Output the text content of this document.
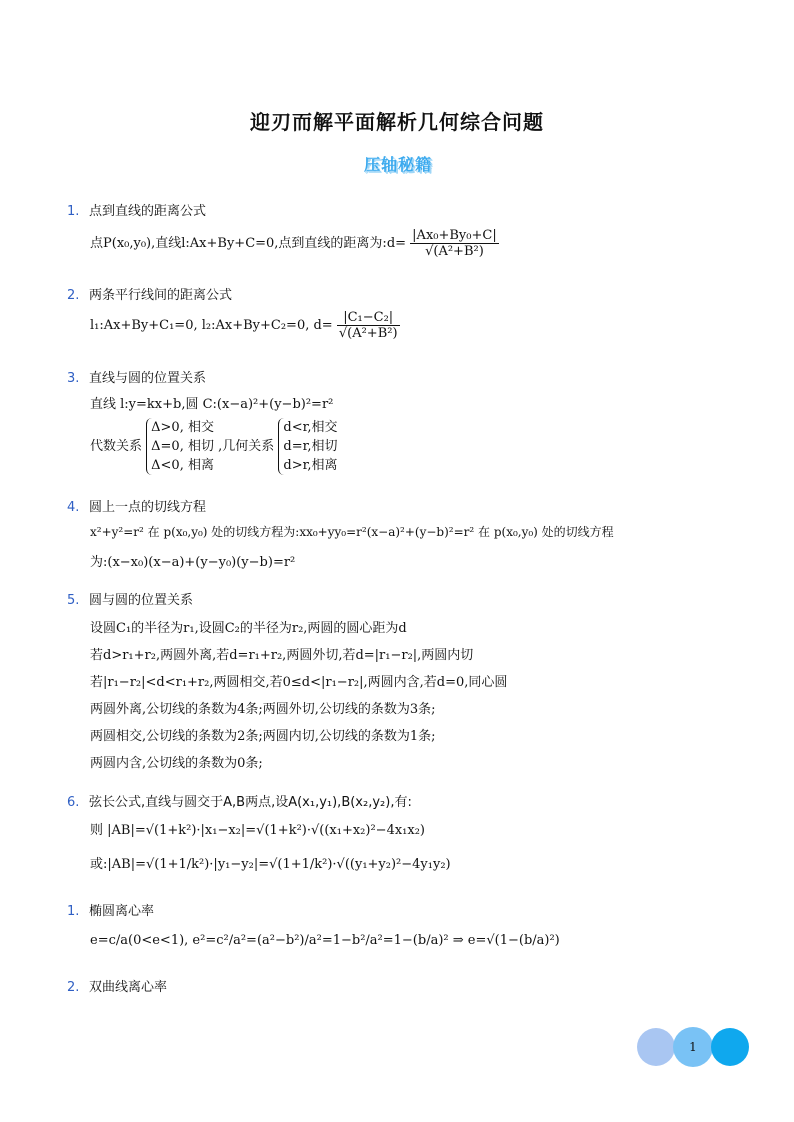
迎刃而解平面解析几何综合问题
压轴秘籍
1. 点到直线的距离公式
点P(x₀,y₀),直线l:Ax+By+C=0,点到直线的距离为:d= $\frac{\text{|Ax₀+By₀+C|}}{\text{√(A²+B²)}}$
2. 两条平行线间的距离公式
l₁:Ax+By+C₁=0, l₂:Ax+By+C₂=0, $d= \frac{\text{|C₁−C₂|}}{\text{√(A²+B²)}}$
3. 直线与圆的位置关系
直线 l:y=kx+b,圆 C:(x−a)²+(y−b)²=r²
代数关系
Δ>0, 相交
Δ=0, 相切
Δ<0, 相离
,几何关系
d<r,相交
d=r,相切
d>r,相离
4. 圆上一点的切线方程
x²+y²=r² 在 p(x₀,y₀) 处的切线方程为:xx₀+yy₀=r²(x−a)²+(y−b)²=r² 在 p(x₀,y₀) 处的切线方程
为:(x−x₀)(x−a)+(y−y₀)(y−b)=r²
5. 圆与圆的位置关系
设圆C₁的半径为r₁,设圆C₂的半径为r₂,两圆的圆心距为d
若d>r₁+r₂,两圆外离,若d=r₁+r₂,两圆外切,若d=|r₁−r₂|,两圆内切
若|r₁−r₂|<d<r₁+r₂,两圆相交,若0≤d<|r₁−r₂|,两圆内含,若d=0,同心圆
两圆外离,公切线的条数为4条;两圆外切,公切线的条数为3条;
两圆相交,公切线的条数为2条;两圆内切,公切线的条数为1条;
两圆内含,公切线的条数为0条;
6. 弦长公式,直线与圆交于A,B两点,设A(x₁,y₁),B(x₂,y₂),有:
则 |AB|=√(1+k²)·|x₁−x₂|=√(1+k²)·√((x₁+x₂)²−4x₁x₂)
或:|AB|=√(1+1/k²)·|y₁−y₂|=√(1+1/k²)·√((y₁+y₂)²−4y₁y₂)
1. 椭圆离心率
e=c/a(0<e<1), e²=c²/a²=(a²−b²)/a²=1−b²/a²=1−(b/a)² ⇒ e=√(1−(b/a)²)
2. 双曲线离心率
1
